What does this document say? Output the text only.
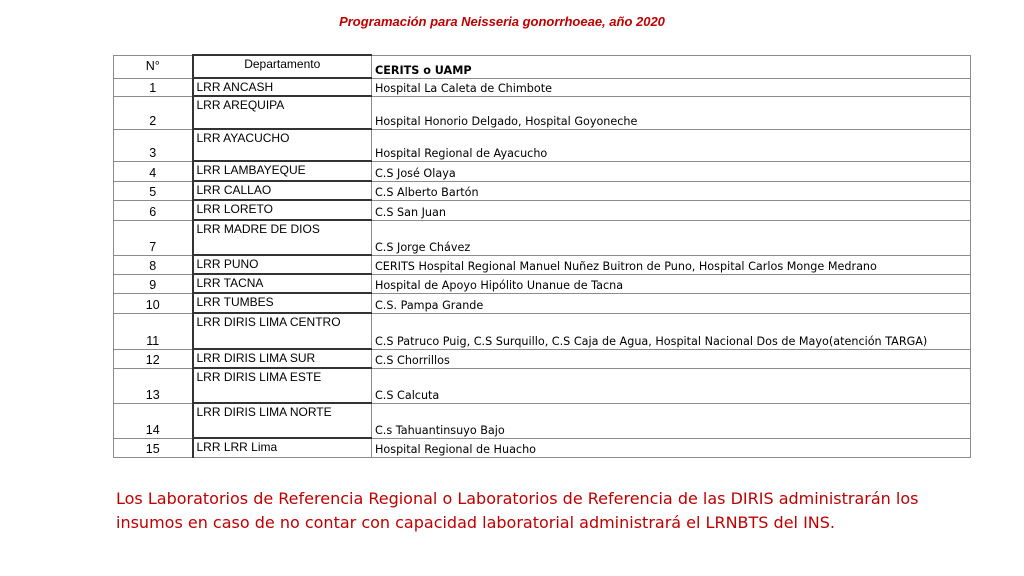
Programación para Neisseria gonorrhoeae, año 2020
N°	Departamento	CERITS o UAMP
1	LRR ANCASH	Hospital La Caleta de Chimbote
2	LRR AREQUIPA	Hospital Honorio Delgado, Hospital Goyoneche
3	LRR AYACUCHO	Hospital Regional de Ayacucho
4	LRR LAMBAYEQUE	C.S José Olaya
5	LRR CALLAO	C.S Alberto Bartón
6	LRR LORETO	C.S San Juan
7	LRR MADRE DE DIOS	C.S Jorge Chávez
8	LRR PUNO	CERITS Hospital Regional Manuel Nuñez Buitron de Puno, Hospital Carlos Monge Medrano
9	LRR TACNA	Hospital de Apoyo Hipólito Unanue de Tacna
10	LRR TUMBES	C.S. Pampa Grande
11	LRR DIRIS LIMA CENTRO	C.S Patruco Puig, C.S Surquillo, C.S Caja de Agua, Hospital Nacional Dos de Mayo(atención TARGA)
12	LRR DIRIS LIMA SUR	C.S Chorrillos
13	LRR DIRIS LIMA ESTE	C.S Calcuta
14	LRR DIRIS LIMA NORTE	C.s Tahuantinsuyo Bajo
15	LRR LRR Lima	Hospital Regional de Huacho
Los Laboratorios de Referencia Regional o Laboratorios de Referencia de las DIRIS administrarán los insumos en caso de no contar con capacidad laboratorial administrará el LRNBTS del INS.
